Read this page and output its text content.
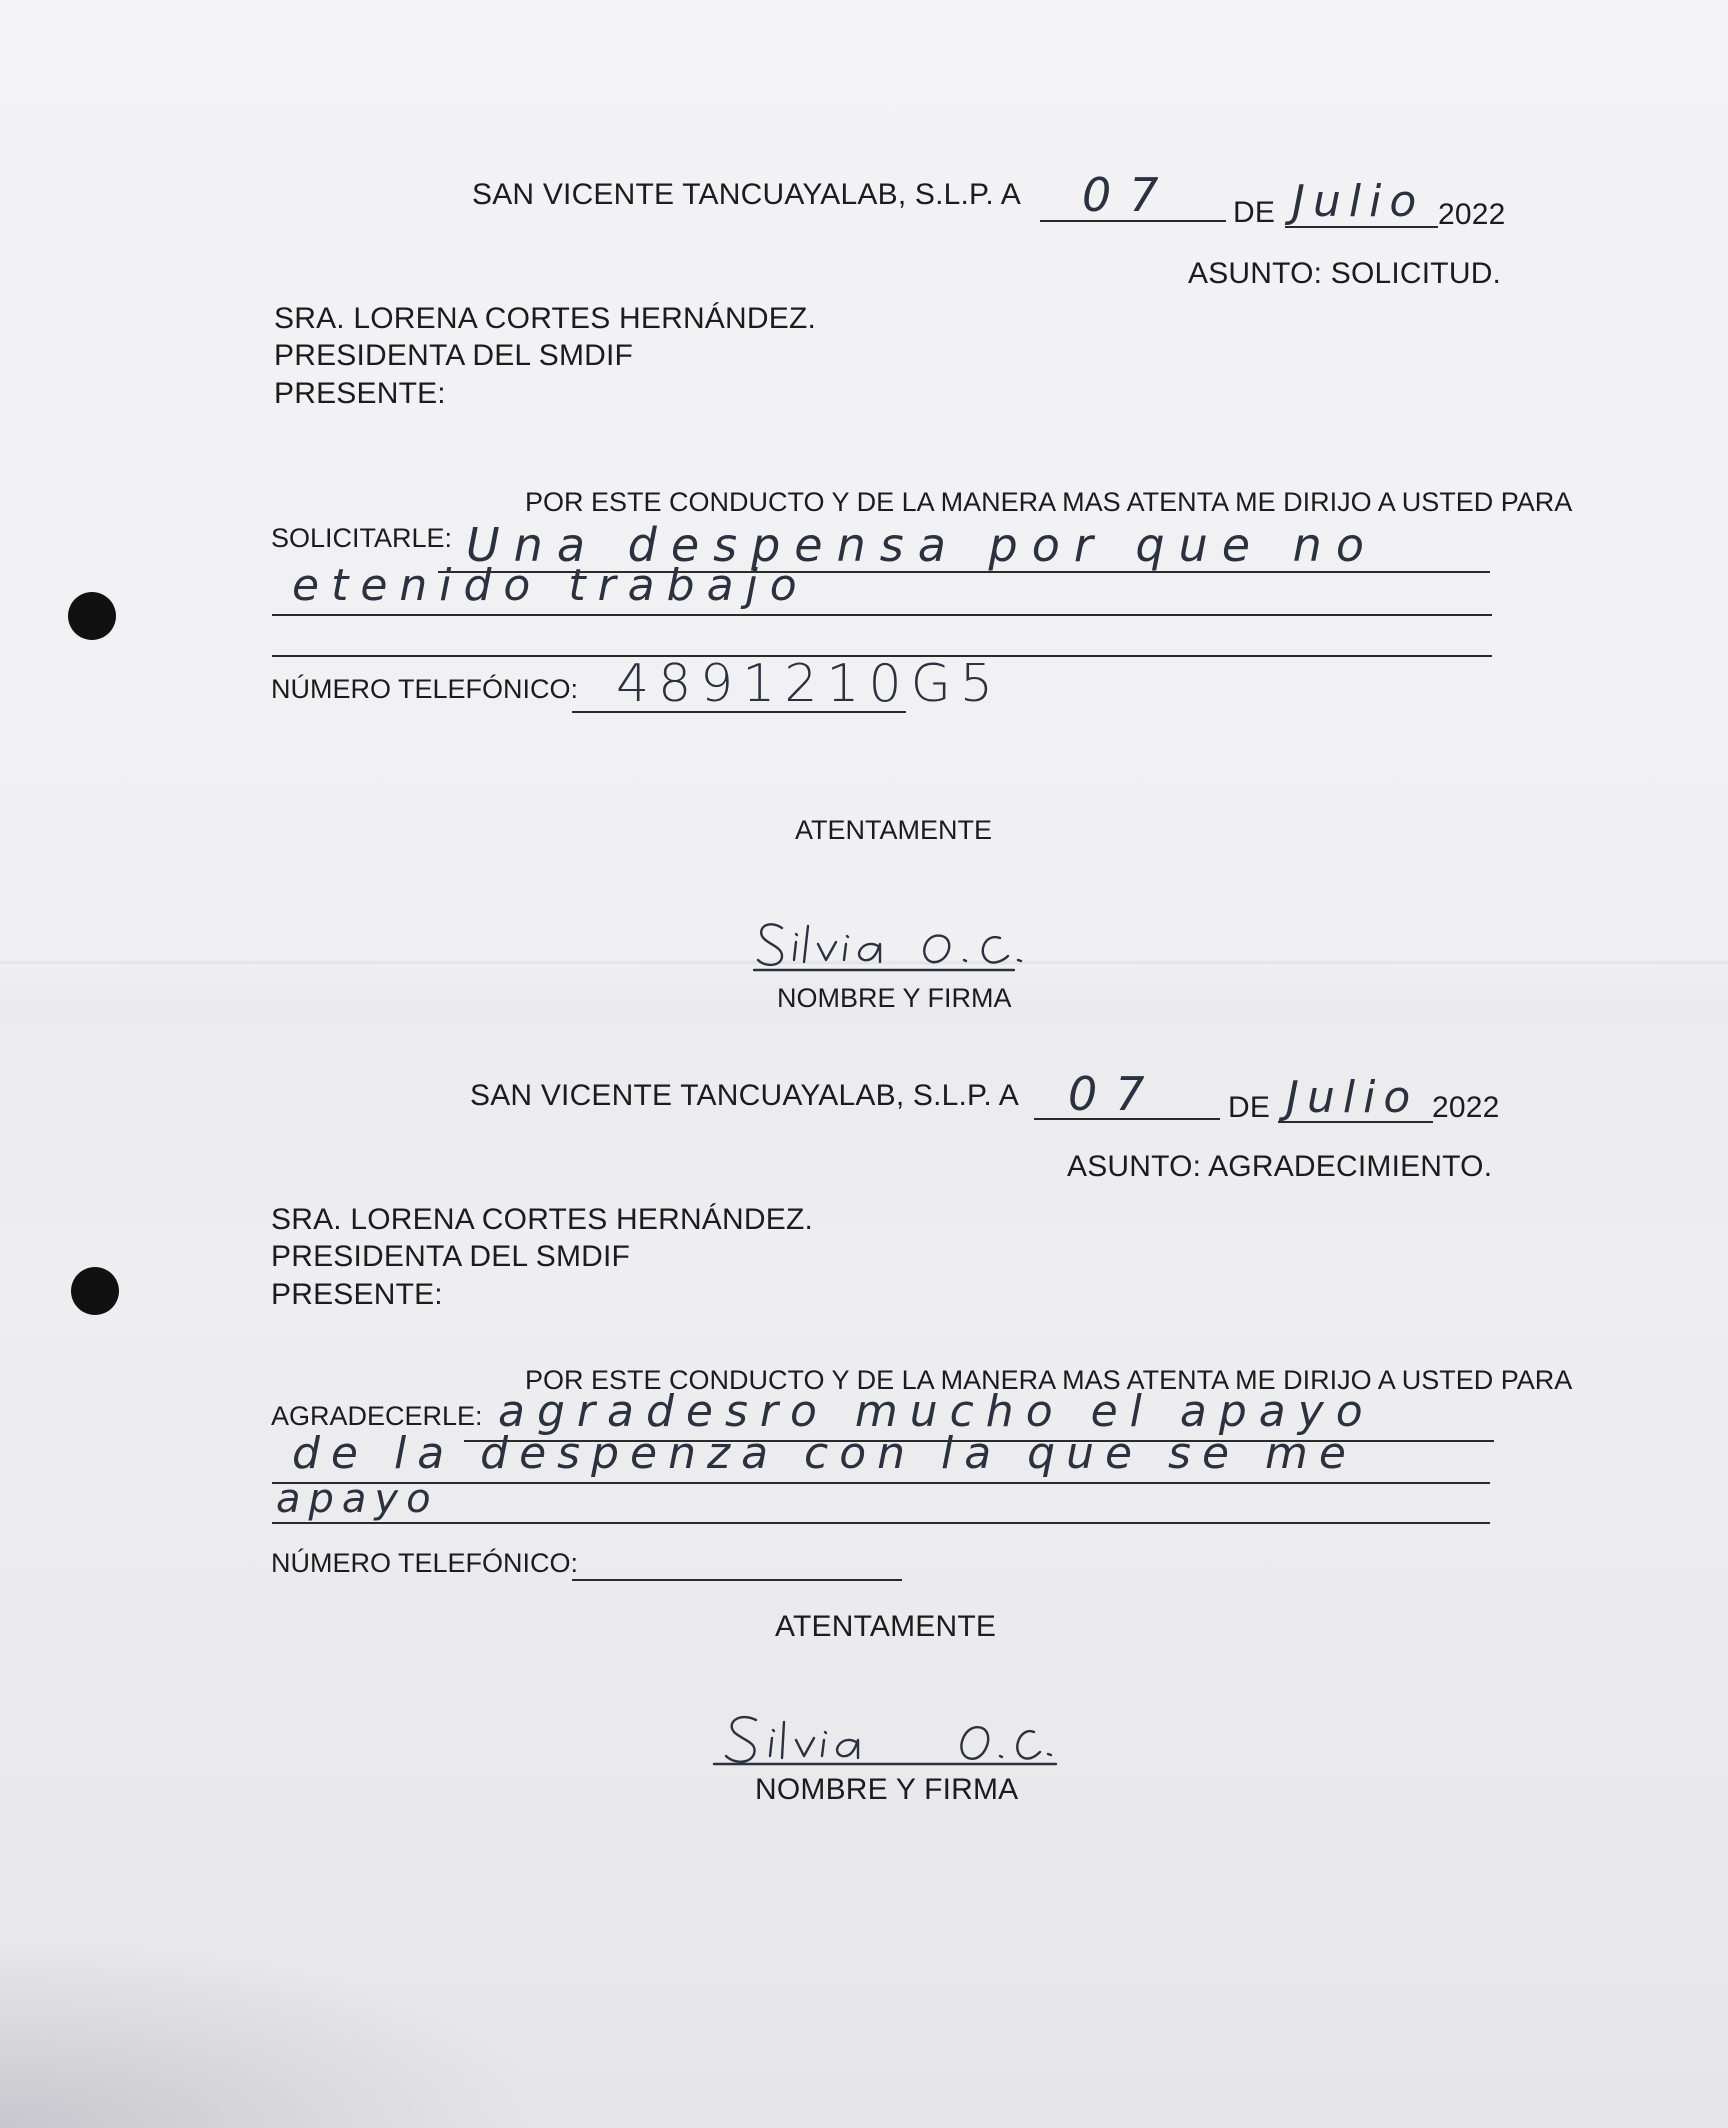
SAN VICENTE TANCUAYALAB, S.L.P. A 07 DE Julio 2022
ASUNTO: SOLICITUD.
SRA. LORENA CORTES HERNÁNDEZ.
PRESIDENTA DEL SMDIF
PRESENTE:
POR ESTE CONDUCTO Y DE LA MANERA MAS ATENTA ME DIRIJO A USTED PARA
SOLICITARLE: Una despensa por que no
etenido trabajo
NÚMERO TELEFÓNICO: 4891210G5
ATENTAMENTE
NOMBRE Y FIRMA
SAN VICENTE TANCUAYALAB, S.L.P. A 07 DE Julio 2022
ASUNTO: AGRADECIMIENTO.
SRA. LORENA CORTES HERNÁNDEZ.
PRESIDENTA DEL SMDIF
PRESENTE:
POR ESTE CONDUCTO Y DE LA MANERA MAS ATENTA ME DIRIJO A USTED PARA
AGRADECERLE: agradesro mucho el apayo
de la despenza con la que se me
apayo
NÚMERO TELEFÓNICO:
ATENTAMENTE
NOMBRE Y FIRMA
